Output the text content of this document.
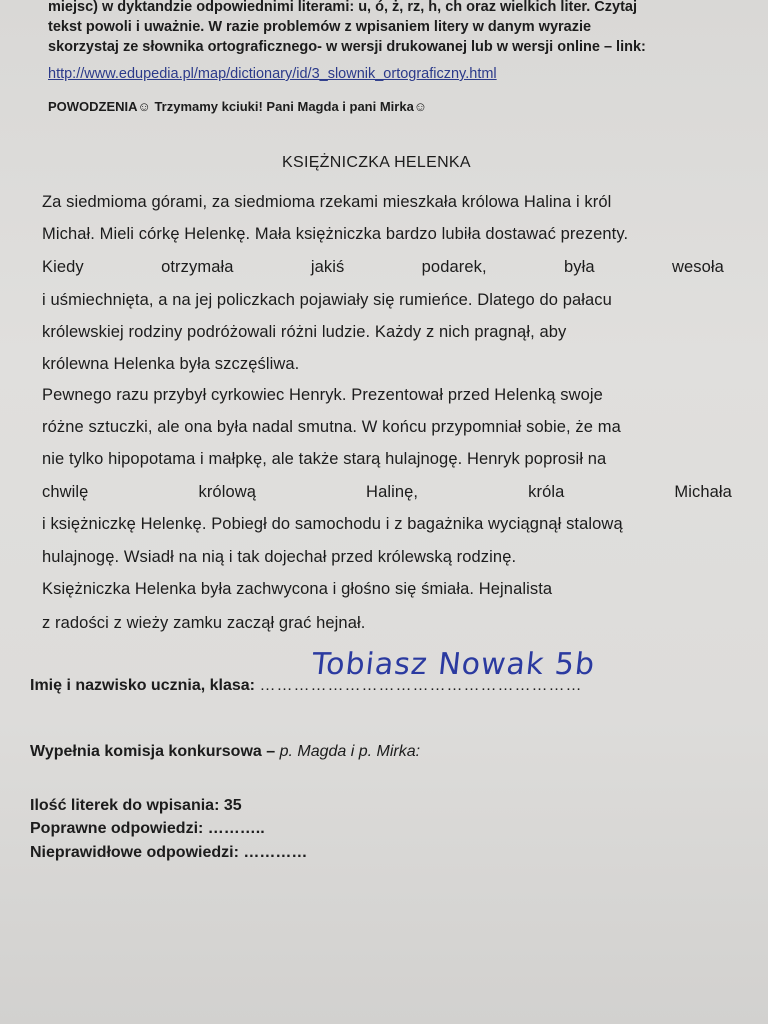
miejsc) w dyktandzie odpowiednimi literami: u, ó, ż, rz, h, ch oraz wielkich liter. Czytaj
tekst powoli i uważnie. W razie problemów z wpisaniem litery w danym wyrazie
skorzystaj ze słownika ortograficznego- w wersji drukowanej lub w wersji online – link:
http://www.edupedia.pl/map/dictionary/id/3_slownik_ortograficzny.html
POWODZENIA☺ Trzymamy kciuki! Pani Magda i pani Mirka☺
KSIĘŻNICZKA HELENKA
Za siedmioma górami, za siedmioma rzekami mieszkała królowa Halina i król
Michał. Mieli córkę Helenkę. Mała księżniczka bardzo lubiła dostawać prezenty.
Kiedy	otrzymała	jakiś	podarek,	była	wesoła
i uśmiechnięta, a na jej policzkach pojawiały się rumieńce. Dlatego do pałacu
królewskiej rodziny podróżowali różni ludzie. Każdy z nich pragnął, aby
królewna Helenka była szczęśliwa.
Pewnego razu przybył cyrkowiec Henryk. Prezentował przed Helenką swoje
różne sztuczki, ale ona była nadal smutna. W końcu przypomniał sobie, że ma
nie tylko hipopotama i małpkę, ale także starą hulajnogę. Henryk poprosił na
chwilę	królową	Halinę,	króla	Michała
i księżniczkę Helenkę. Pobiegł do samochodu i z bagażnika wyciągnął stalową
hulajnogę. Wsiadł na nią i tak dojechał przed królewską rodzinę.
Księżniczka Helenka była zachwycona i głośno się śmiała. Hejnalista
z radości z wieży zamku zaczął grać hejnał.
Imię i nazwisko ucznia, klasa: …………………………………………………
Tobiasz Nowak 5b
Wypełnia komisja konkursowa – p. Magda i p. Mirka:
Ilość literek do wpisania: 35
Poprawne odpowiedzi: ………..
Nieprawidłowe odpowiedzi: …………
